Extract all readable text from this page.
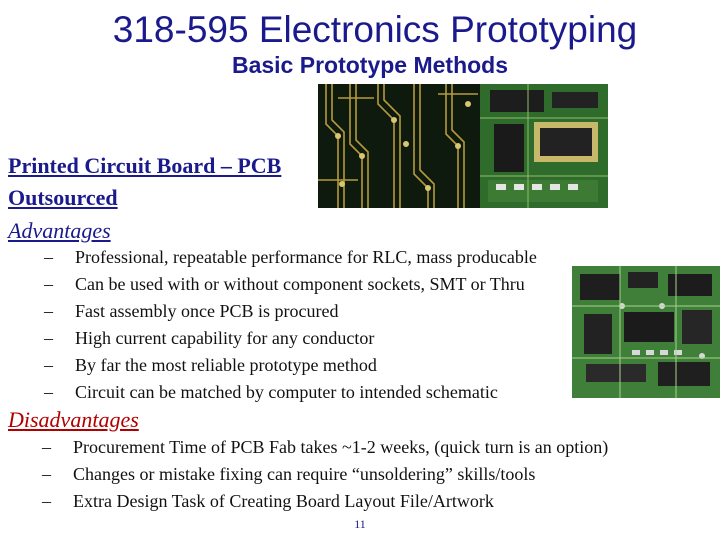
318-595 Electronics Prototyping
Basic Prototype Methods
Printed Circuit Board – PCB
Outsourced
Advantages
– Professional, repeatable performance for RLC, mass producable
– Can be used with or without component sockets, SMT or Thru
– Fast assembly once PCB is procured
– High current capability for any conductor
– By far the most reliable prototype method
– Circuit can be matched by computer to intended schematic
Disadvantages
– Procurement Time of PCB Fab takes ~1-2 weeks, (quick turn is an option)
– Changes or mistake fixing can require “unsoldering” skills/tools
– Extra Design Task of Creating Board Layout File/Artwork
11
